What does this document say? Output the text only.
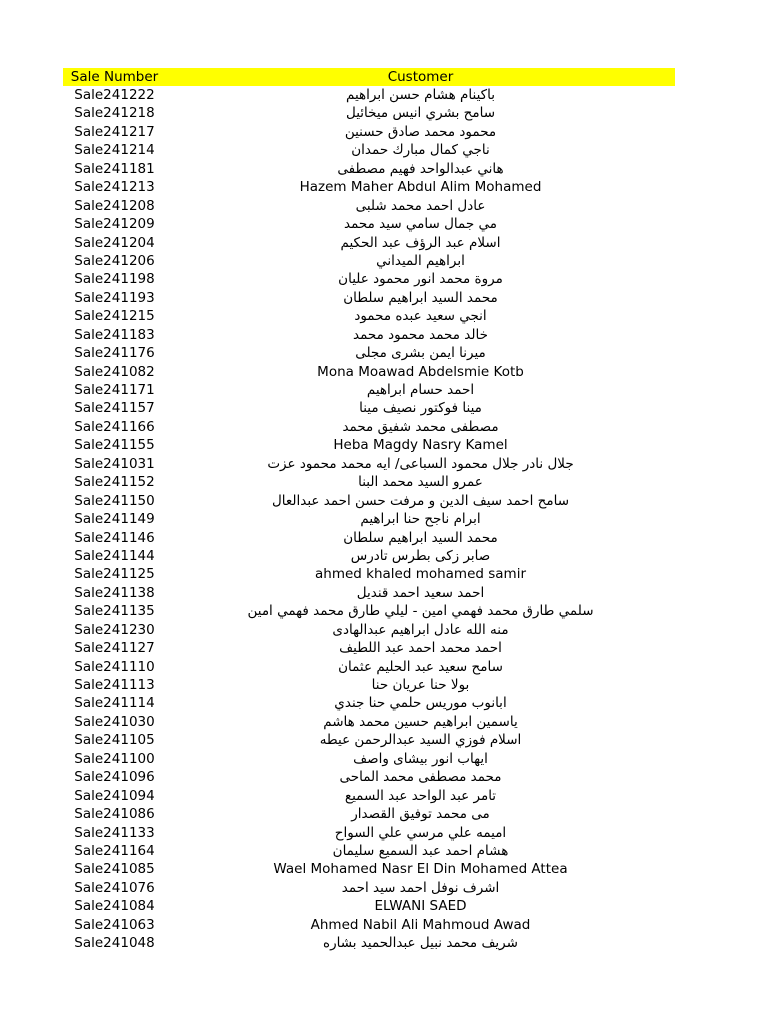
Sale Number	Customer
Sale241222	باكينام هشام حسن ابراهيم
Sale241218	سامح بشري انيس ميخائيل
Sale241217	محمود محمد صادق حسنين
Sale241214	ناجي كمال مبارك حمدان
Sale241181	هاني عبدالواحد فهيم مصطفى
Sale241213	Hazem Maher Abdul Alim Mohamed
Sale241208	عادل احمد محمد شلبى
Sale241209	مي جمال سامي سيد محمد
Sale241204	اسلام عبد الرؤف عبد الحكيم
Sale241206	ابراهيم الميداني
Sale241198	مروة محمد انور محمود عليان
Sale241193	محمد السيد ابراهيم سلطان
Sale241215	انجي سعيد عبده محمود
Sale241183	خالد محمد محمود محمد
Sale241176	ميرنا ايمن بشرى مجلى
Sale241082	Mona Moawad Abdelsmie Kotb
Sale241171	احمد حسام ابراهيم
Sale241157	مينا فوكتور نصيف مينا
Sale241166	مصطفى محمد شفيق محمد
Sale241155	Heba Magdy Nasry Kamel
Sale241031	جلال نادر جلال محمود السباعى/ ايه محمد محمود عزت
Sale241152	عمرو السيد محمد البنا
Sale241150	سامح احمد سيف الدين و مرفت حسن احمد عبدالعال
Sale241149	ابرام ناجح حنا ابراهيم
Sale241146	محمد السيد ابراهيم سلطان
Sale241144	صابر زكى بطرس تادرس
Sale241125	ahmed khaled mohamed samir
Sale241138	احمد سعيد احمد قنديل
Sale241135	سلمي طارق محمد فهمي امين - ليلي طارق محمد فهمي امين
Sale241230	منه الله عادل ابراهيم عبدالهادى
Sale241127	احمد محمد احمد عبد اللطيف
Sale241110	سامح سعيد عبد الحليم عثمان
Sale241113	بولا حنا عريان حنا
Sale241114	ابانوب موريس حلمي حنا جندي
Sale241030	ياسمين ابراهيم حسين محمد هاشم
Sale241105	اسلام فوزي السيد عبدالرحمن عيطه
Sale241100	ايهاب انور بيشاى واصف
Sale241096	محمد مصطفى محمد الماحى
Sale241094	تامر عبد الواحد عبد السميع
Sale241086	مى محمد توفيق القصدار
Sale241133	اميمه علي مرسي علي السواح
Sale241164	هشام احمد عبد السميع سليمان
Sale241085	Wael Mohamed Nasr El Din Mohamed Attea
Sale241076	اشرف نوفل احمد سيد احمد
Sale241084	ELWANI SAED
Sale241063	Ahmed Nabil Ali Mahmoud Awad
Sale241048	شريف محمد نبيل عبدالحميد بشاره
